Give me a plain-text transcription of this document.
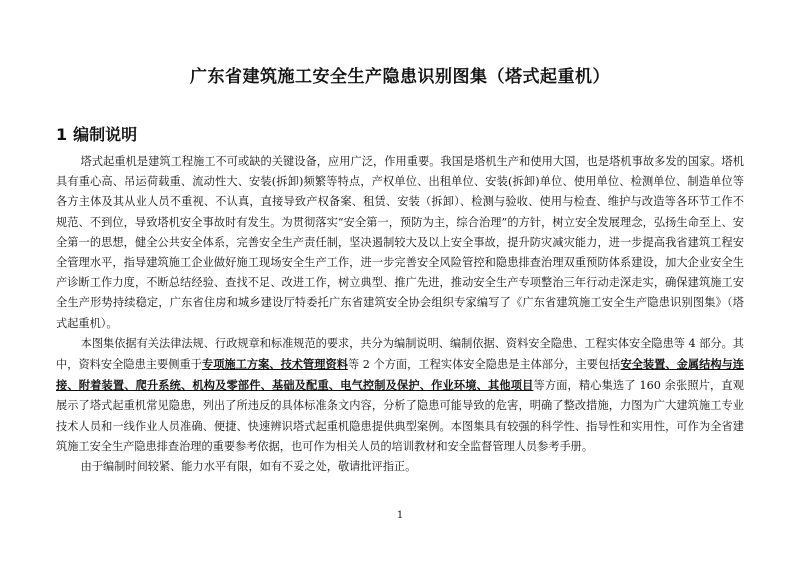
广东省建筑施工安全生产隐患识别图集（塔式起重机）
1 编制说明

塔式起重机是建筑工程施工不可或缺的关键设备，应用广泛，作用重要。我国是塔机生产和使用大国，也是塔机事故多发的国家。塔机具有重心高、吊运荷载重、流动性大、安装(拆卸)频繁等特点，产权单位、出租单位、安装(拆卸)单位、使用单位、检测单位、制造单位等各方主体及其从业人员不重视、不认真，直接导致产权备案、租赁、安装（拆卸）、检测与验收、使用与检查、维护与改造等各环节工作不规范、不到位，导致塔机安全事故时有发生。为贯彻落实“安全第一，预防为主，综合治理”的方针，树立安全发展理念，弘扬生命至上、安全第一的思想，健全公共安全体系，完善安全生产责任制，坚决遏制较大及以上安全事故，提升防灾减灾能力，进一步提高我省建筑工程安全管理水平，指导建筑施工企业做好施工现场安全生产工作，进一步完善安全风险管控和隐患排查治理双重预防体系建设，加大企业安全生产诊断工作力度，不断总结经验、查找不足、改进工作，树立典型、推广先进，推动安全生产专项整治三年行动走深走实，确保建筑施工安全生产形势持续稳定，广东省住房和城乡建设厅特委托广东省建筑安全协会组织专家编写了《广东省建筑施工安全生产隐患识别图集》（塔式起重机）。

本图集依据有关法律法规、行政规章和标准规范的要求，共分为编制说明、编制依据、资料安全隐患、工程实体安全隐患等 4 部分。其中，资料安全隐患主要侧重于专项施工方案、技术管理资料等 2 个方面，工程实体安全隐患是主体部分，主要包括安全装置、金属结构与连接、附着装置、爬升系统、机构及零部件、基础及配重、电气控制及保护、作业环境、其他项目等方面，精心集选了 160 余张照片，直观展示了塔式起重机常见隐患，列出了所违反的具体标准条文内容，分析了隐患可能导致的危害，明确了整改措施，力图为广大建筑施工专业技术人员和一线作业人员准确、便捷、快速辨识塔式起重机隐患提供典型案例。本图集具有较强的科学性、指导性和实用性，可作为全省建筑施工安全生产隐患排查治理的重要参考依据，也可作为相关人员的培训教材和安全监督管理人员参考手册。

由于编制时间较紧、能力水平有限，如有不妥之处，敬请批评指正。

1
